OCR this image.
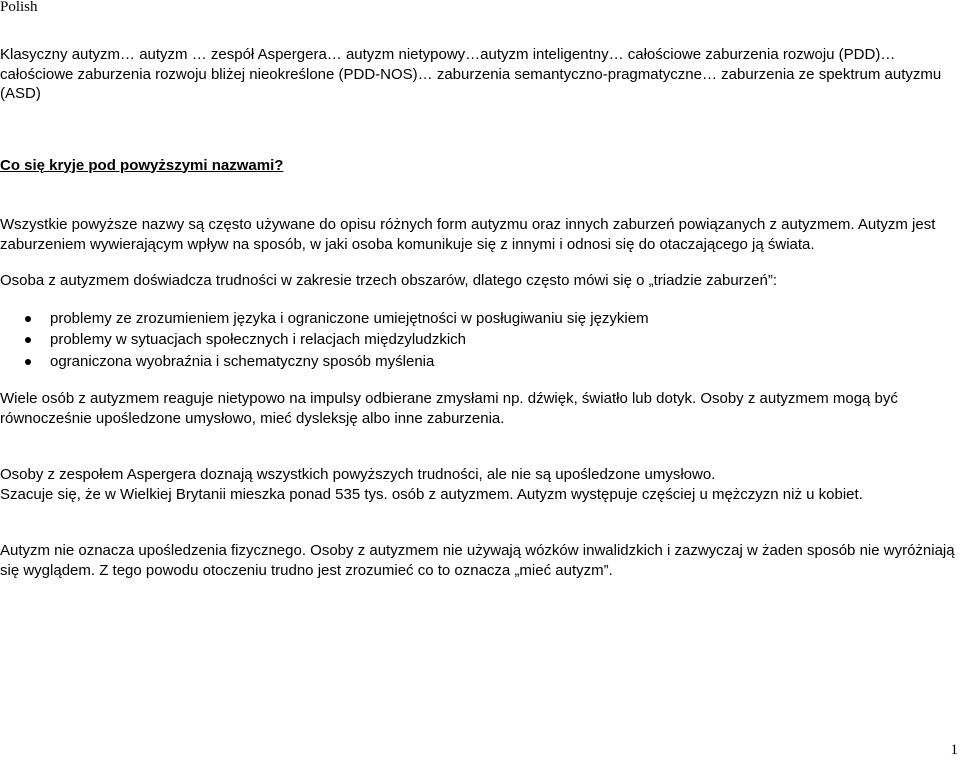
Polish

Klasyczny autyzm… autyzm … zespół Aspergera… autyzm nietypowy…autyzm inteligentny… całościowe zaburzenia rozwoju (PDD)… całościowe zaburzenia rozwoju bliżej nieokreślone (PDD-NOS)… zaburzenia semantyczno-pragmatyczne… zaburzenia ze spektrum autyzmu (ASD)

Co się kryje pod powyższymi nazwami?

Wszystkie powyższe nazwy są często używane do opisu różnych form autyzmu oraz innych zaburzeń powiązanych z autyzmem. Autyzm jest zaburzeniem wywierającym wpływ na sposób, w jaki osoba komunikuje się z innymi i odnosi się do otaczającego ją świata.

Osoba z autyzmem doświadcza trudności w zakresie trzech obszarów, dlatego często mówi się o „triadzie zaburzeń”:

problemy ze zrozumieniem języka i ograniczone umiejętności w posługiwaniu się językiem
problemy w sytuacjach społecznych i relacjach międzyludzkich
ograniczona wyobraźnia i schematyczny sposób myślenia

Wiele osób z autyzmem reaguje nietypowo na impulsy odbierane zmysłami np. dźwięk, światło lub dotyk. Osoby z autyzmem mogą być równocześnie upośledzone umysłowo, mieć dysleksję albo inne zaburzenia.

Osoby z zespołem Aspergera doznają wszystkich powyższych trudności, ale nie są upośledzone umysłowo.

Szacuje się, że w Wielkiej Brytanii mieszka ponad 535 tys. osób z autyzmem. Autyzm występuje częściej u mężczyzn niż u kobiet.

Autyzm nie oznacza upośledzenia fizycznego. Osoby z autyzmem nie używają wózków inwalidzkich i zazwyczaj w żaden sposób nie wyróżniają się wyglądem. Z tego powodu otoczeniu trudno jest zrozumieć co to oznacza „mieć autyzm”.

1
